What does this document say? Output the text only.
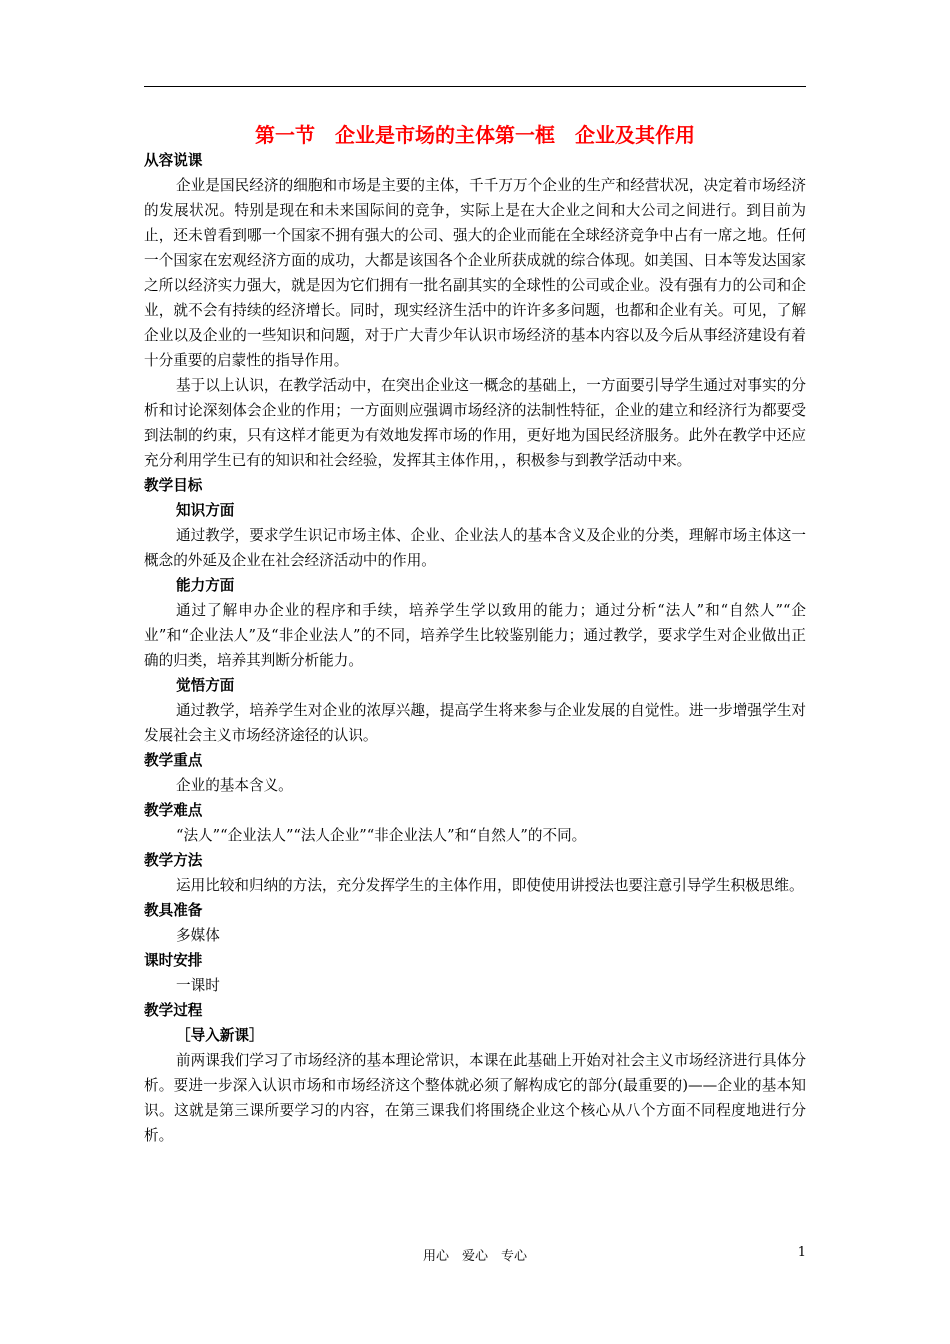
第一节　企业是市场的主体第一框　企业及其作用
从容说课
企业是国民经济的细胞和市场是主要的主体，千千万万个企业的生产和经营状况，决定着市场经济的发展状况。特别是现在和未来国际间的竞争，实际上是在大企业之间和大公司之间进行。到目前为止，还未曾看到哪一个国家不拥有强大的公司、强大的企业而能在全球经济竞争中占有一席之地。任何一个国家在宏观经济方面的成功，大都是该国各个企业所获成就的综合体现。如美国、日本等发达国家之所以经济实力强大，就是因为它们拥有一批名副其实的全球性的公司或企业。没有强有力的公司和企业，就不会有持续的经济增长。同时，现实经济生活中的许许多多问题，也都和企业有关。可见，了解企业以及企业的一些知识和问题，对于广大青少年认识市场经济的基本内容以及今后从事经济建设有着十分重要的启蒙性的指导作用。
基于以上认识，在教学活动中，在突出企业这一概念的基础上，一方面要引导学生通过对事实的分析和讨论深刻体会企业的作用；一方面则应强调市场经济的法制性特征，企业的建立和经济行为都要受到法制的约束，只有这样才能更为有效地发挥市场的作用，更好地为国民经济服务。此外在教学中还应充分利用学生已有的知识和社会经验，发挥其主体作用，，积极参与到教学活动中来。
教学目标
知识方面
通过教学，要求学生识记市场主体、企业、企业法人的基本含义及企业的分类，理解市场主体这一概念的外延及企业在社会经济活动中的作用。
能力方面
通过了解申办企业的程序和手续，培养学生学以致用的能力；通过分析“法人”和“自然人”“企业”和“企业法人”及“非企业法人”的不同，培养学生比较鉴别能力；通过教学，要求学生对企业做出正确的归类，培养其判断分析能力。
觉悟方面
通过教学，培养学生对企业的浓厚兴趣，提高学生将来参与企业发展的自觉性。进一步增强学生对发展社会主义市场经济途径的认识。
教学重点
企业的基本含义。
教学难点
“法人”“企业法人”“法人企业”“非企业法人”和“自然人”的不同。
教学方法
运用比较和归纳的方法，充分发挥学生的主体作用，即使使用讲授法也要注意引导学生积极思维。
教具准备
多媒体
课时安排
一课时
教学过程
［导入新课］
前两课我们学习了市场经济的基本理论常识，本课在此基础上开始对社会主义市场经济进行具体分析。要进一步深入认识市场和市场经济这个整体就必须了解构成它的部分(最重要的)——企业的基本知识。这就是第三课所要学习的内容，在第三课我们将围绕企业这个核心从八个方面不同程度地进行分析。
用心　爱心　专心	1
